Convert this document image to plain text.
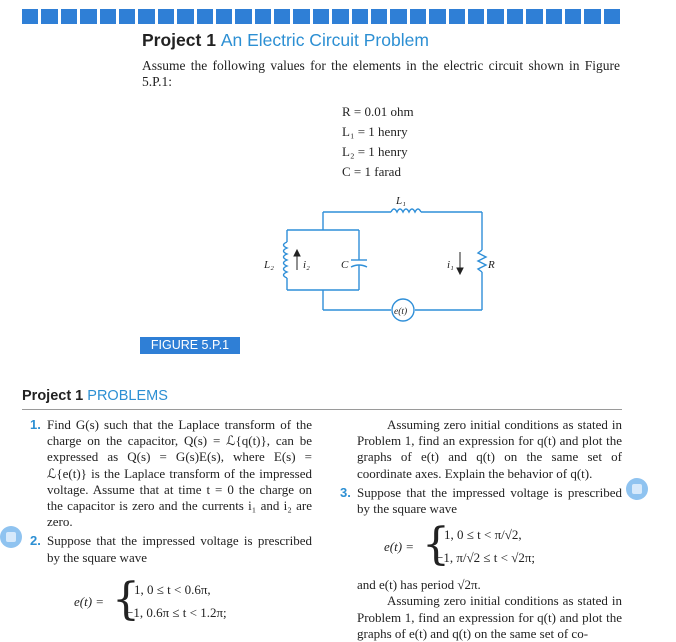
Project 1 An Electric Circuit Problem
Assume the following values for the elements in the electric circuit shown in Figure 5.P.1:
R = 0.01 ohm
L₁ = 1 henry
L₂ = 1 henry
C = 1 farad
L₁
L₂	i₂	C	i₁	R
e(t)
FIGURE 5.P.1
Project 1 PROBLEMS
1. Find G(s) such that the Laplace transform of the charge on the capacitor, Q(s) = ℒ{q(t)}, can be expressed as Q(s) = G(s)E(s), where E(s) = ℒ{e(t)} is the Laplace transform of the impressed voltage. Assume that at time t = 0 the charge on the capacitor is zero and the currents i₁ and i₂ are zero.
2. Suppose that the impressed voltage is prescribed by the square wave
e(t) = {
1, 0 ≤ t < 0.6π,
−1, 0.6π ≤ t < 1.2π;

Assuming zero initial conditions as stated in Problem 1, find an expression for q(t) and plot the graphs of e(t) and q(t) on the same set of coordinate axes. Explain the behavior of q(t).

3. Suppose that the impressed voltage is prescribed by the square wave
e(t) = {
1, 0 ≤ t < π/√2,
−1, π/√2 ≤ t < √2π;

and e(t) has period √2π.

Assuming zero initial conditions as stated in Problem 1, find an expression for q(t) and plot the graphs of e(t) and q(t) on the same set of co-
